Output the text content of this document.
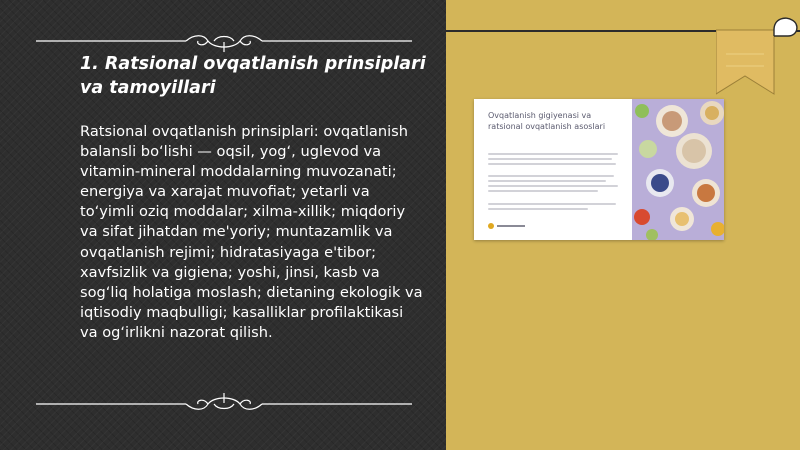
1. Ratsional ovqatlanish prinsiplari va tamoyillari

Ratsional ovqatlanish prinsiplari: ovqatlanish balansli bo‘lishi — oqsil, yog‘, uglevod va vitamin-mineral moddalarning muvozanati; energiya va xarajat muvofiat; yetarli va to‘yimli oziq moddalar; xilma-xillik; miqdoriy va sifat jihatdan me'yoriy; muntazamlik va ovqatlanish rejimi; hidratasiyaga e'tibor; xavfsizlik va gigiena; yoshi, jinsi, kasb va sog‘liq holatiga moslash; dietaning ekologik va iqtisodiy maqbulligi; kasalliklar profilaktikasi va og‘irlikni nazorat qilish.

Ovqatlanish gigiyenasi va ratsional ovqatlanish asoslari
